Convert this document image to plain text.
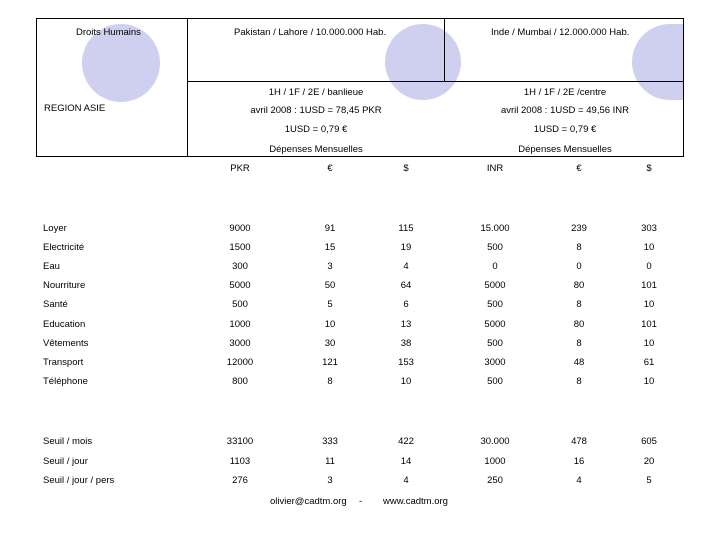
Droits Humains
REGION ASIE
Pakistan / Lahore / 10.000.000 Hab.
1H / 1F / 2E / banlieue
avril 2008 : 1USD = 78,45 PKR
1USD = 0,79 €
Dépenses Mensuelles
Inde / Mumbai / 12.000.000 Hab.
1H / 1F / 2E /centre
avril 2008 : 1USD = 49,56 INR
1USD = 0,79 €
Dépenses Mensuelles
PKR	€	$	INR	€	$
Loyer	9000	91	115	15.000	239	303
Electricité	1500	15	19	500	8	10
Eau	300	3	4	0	0	0
Nourriture	5000	50	64	5000	80	101
Santé	500	5	6	500	8	10
Education	1000	10	13	5000	80	101
Vêtements	3000	30	38	500	8	10
Transport	12000	121	153	3000	48	61
Téléphone	800	8	10	500	8	10
Seuil / mois	33100	333	422	30.000	478	605
Seuil / jour	1103	11	14	1000	16	20
Seuil / jour / pers	276	3	4	250	4	5
olivier@cadtm.org - www.cadtm.org
